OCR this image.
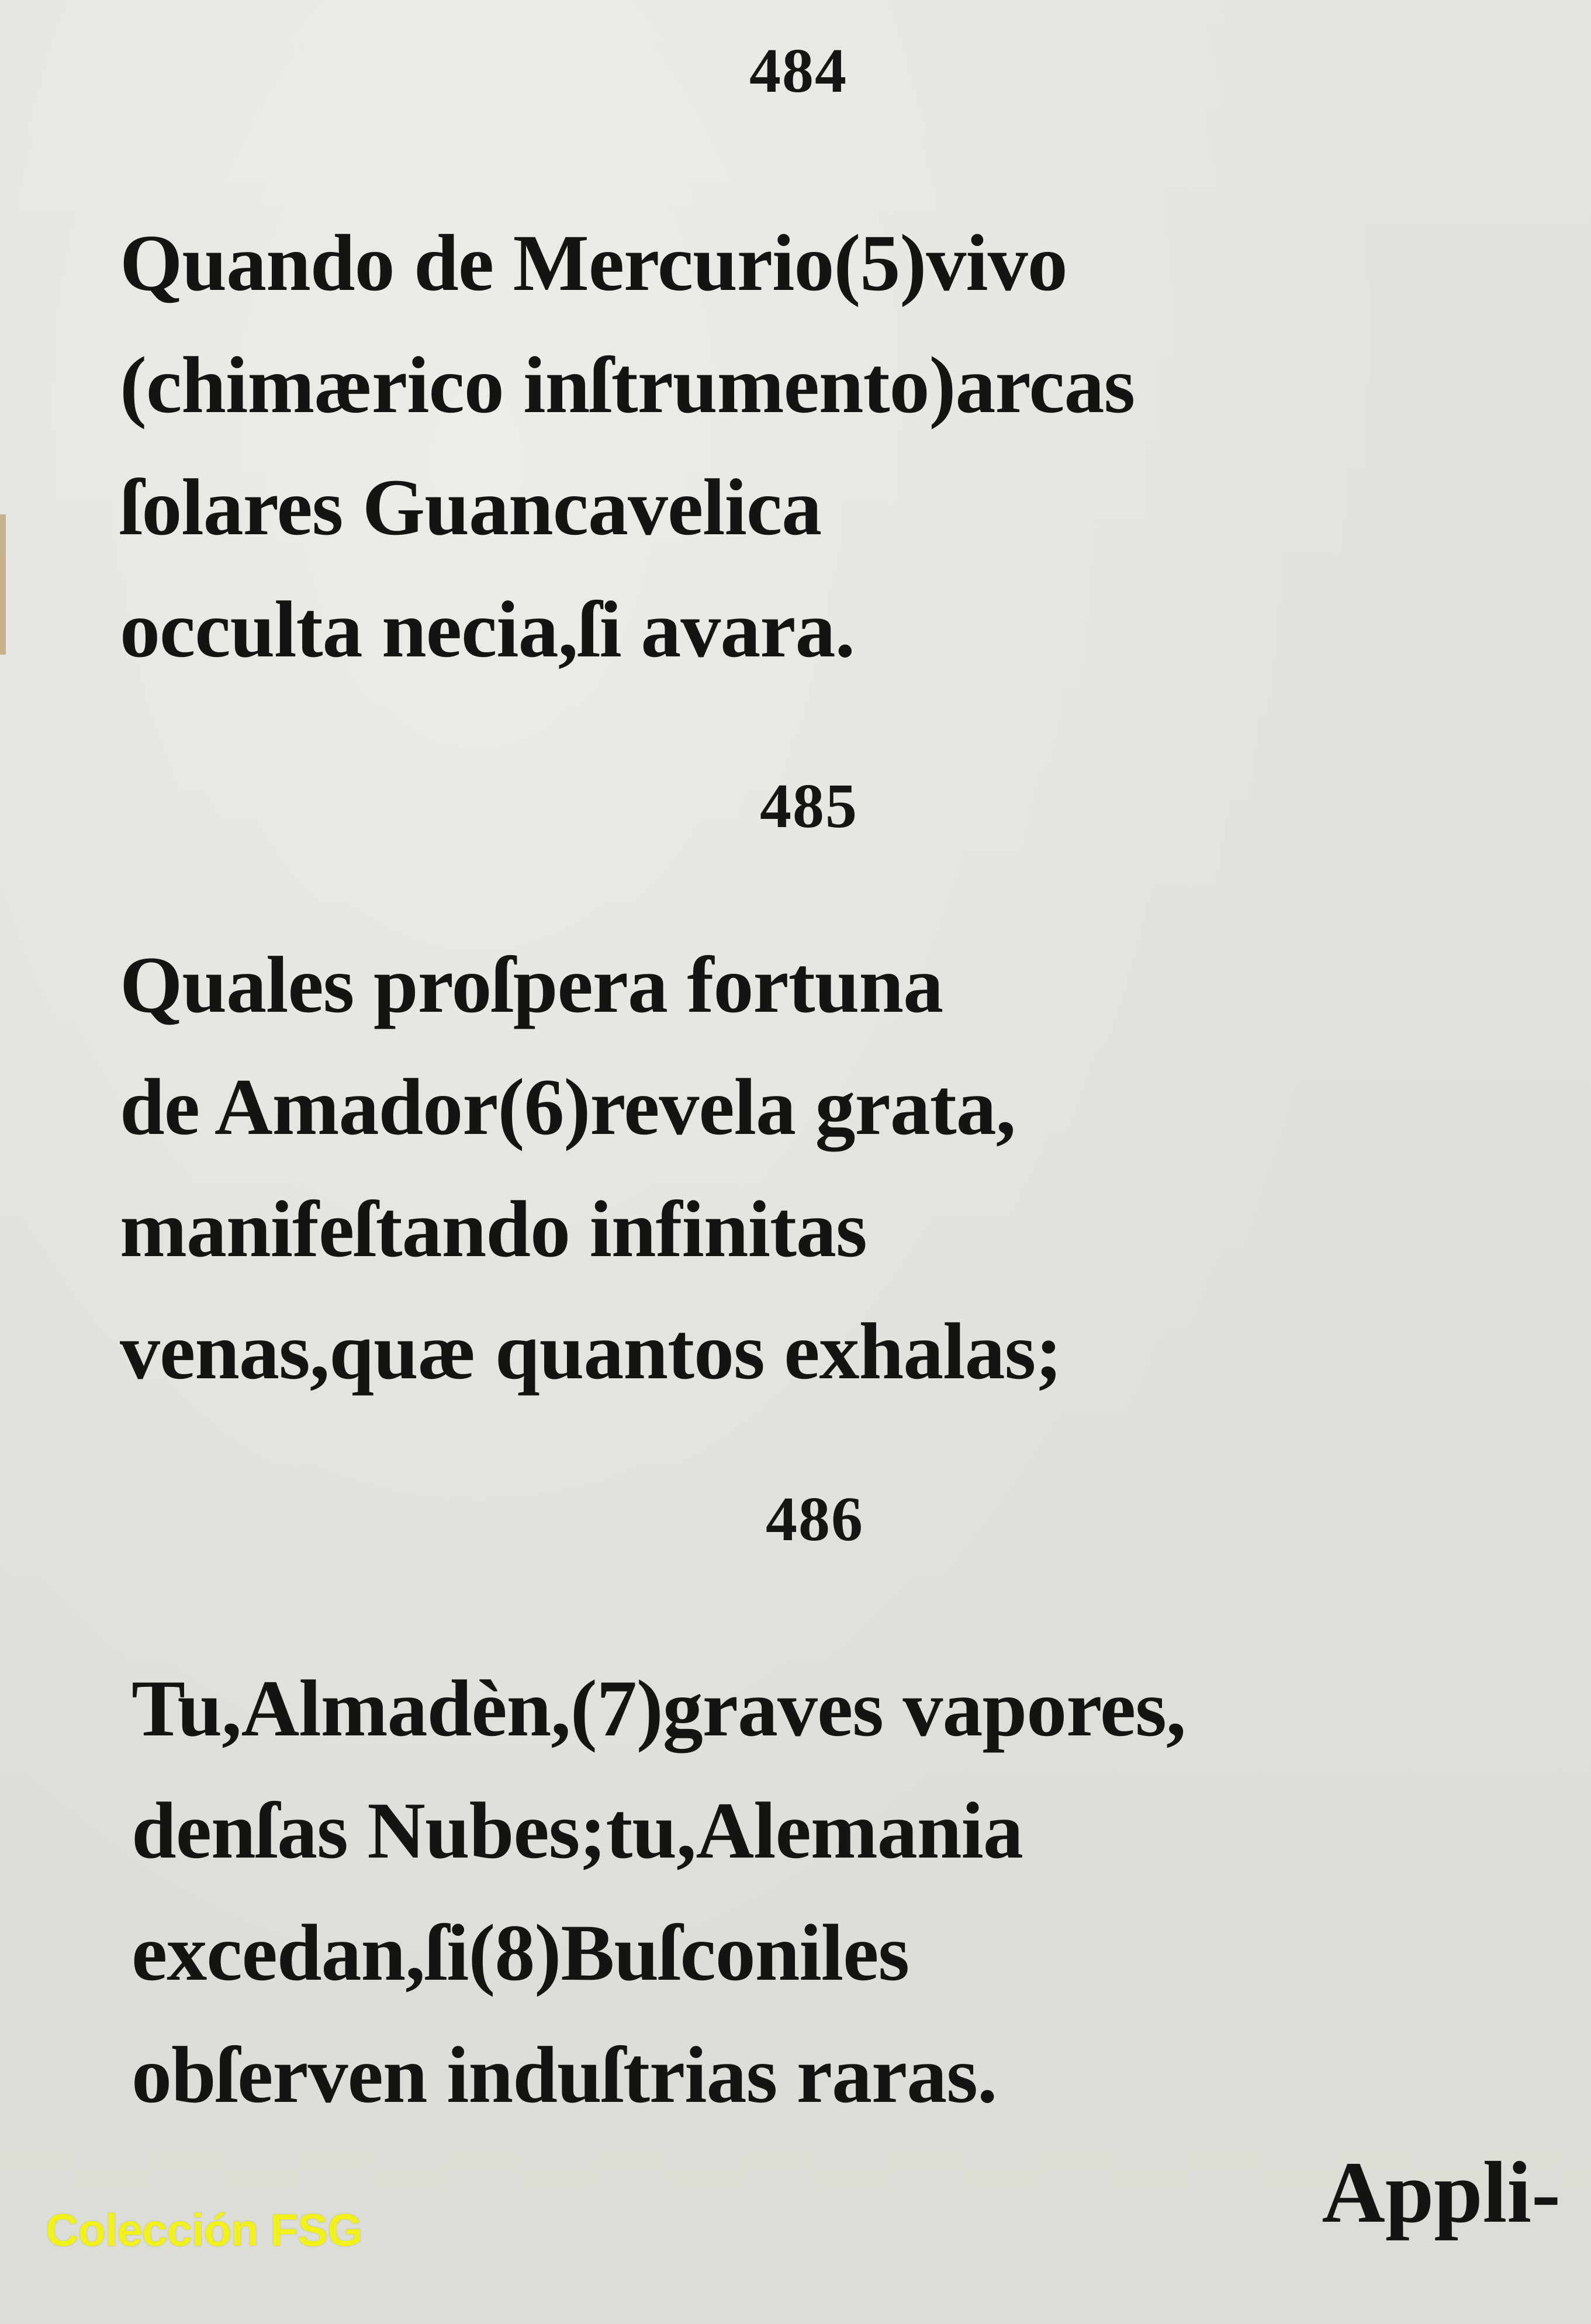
484
Quando de Mercurio(5)vivo
(chimærico inſtrumento)arcas
ſolares Guancavelica
occulta necia,ſi avara.
485
Quales proſpera fortuna
de Amador(6)revela grata,
manifeſtando infinitas
venas,quæ quantos exhalas;
486
Tu,Almadèn,(7)graves vapores,
denſas Nubes;tu,Alemania
excedan,ſi(8)Buſconiles
obſerven induſtrias raras.
Appli-
Colección FSG
